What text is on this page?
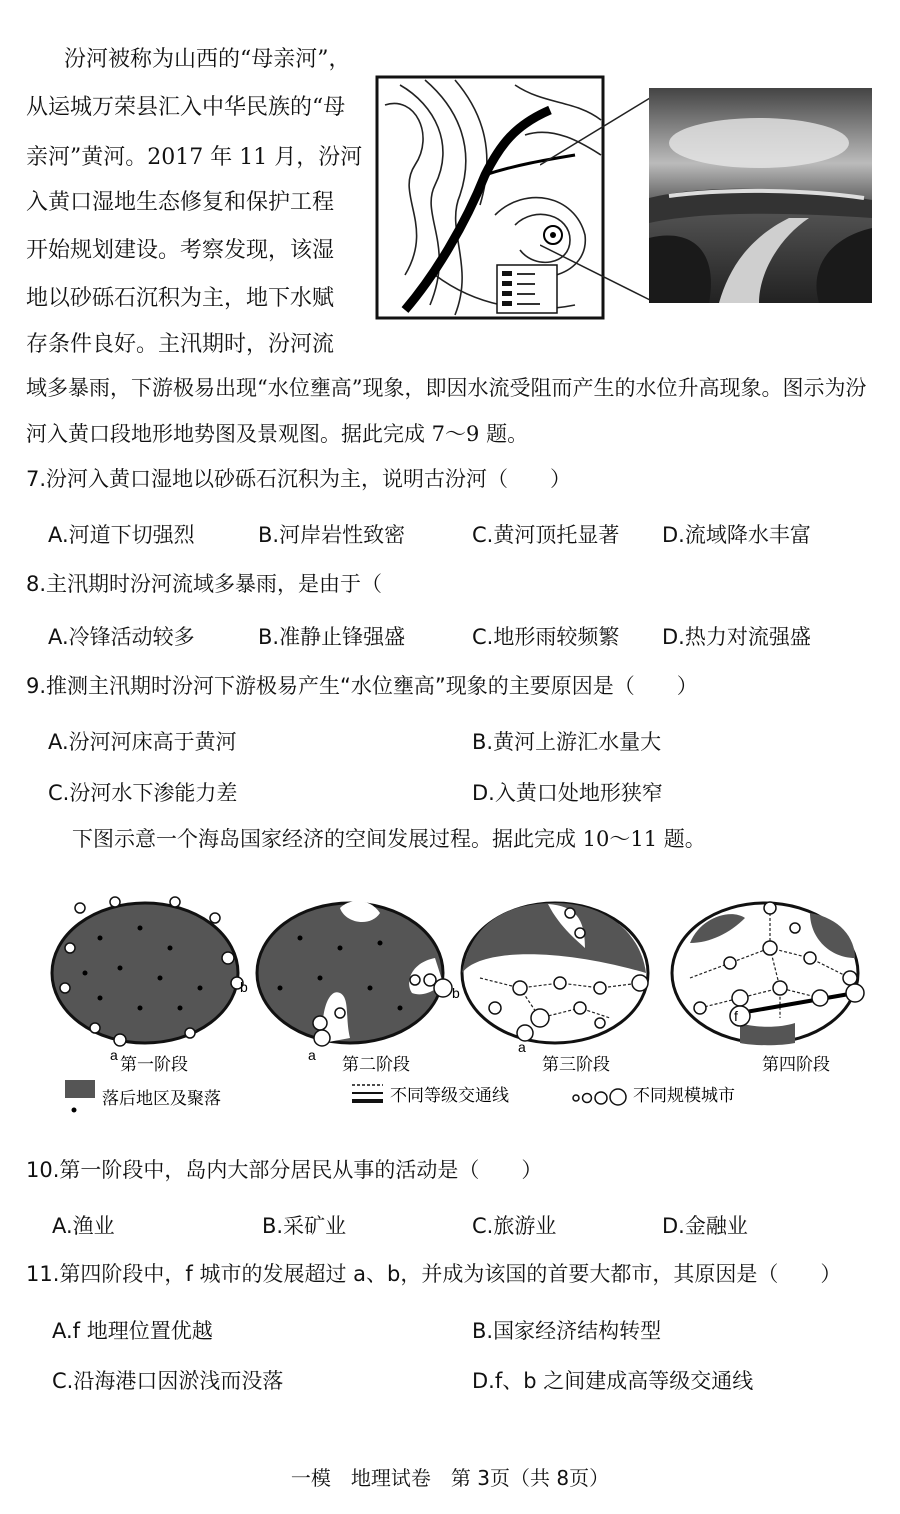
汾河被称为山西的“母亲河”，
从运城万荣县汇入中华民族的“母
亲河”黄河。2017 年 11 月，汾河
入黄口湿地生态修复和保护工程
开始规划建设。考察发现，该湿
地以砂砾石沉积为主，地下水赋
存条件良好。主汛期时，汾河流
域多暴雨，下游极易出现“水位壅高”现象，即因水流受阻而产生的水位升高现象。图示为汾
河入黄口段地形地势图及景观图。据此完成 7～9 题。
7.汾河入黄口湿地以砂砾石沉积为主，说明古汾河（　　）
A.河道下切强烈	B.河岸岩性致密	C.黄河顶托显著 D.流域降水丰富
8.主汛期时汾河流域多暴雨，是由于（
A.冷锋活动较多	B.准静止锋强盛	C.地形雨较频繁 D.热力对流强盛
9.推测主汛期时汾河下游极易产生“水位壅高”现象的主要原因是（　　）
A.汾河河床高于黄河	B.黄河上游汇水量大
C.汾河水下渗能力差	D.入黄口处地形狭窄
下图示意一个海岛国家经济的空间发展过程。据此完成 10～11 题。
a
b
a
b
a
f
第一阶段	第二阶段	第三阶段	第四阶段
落后地区及聚落	不同等级交通线	不同规模城市
10.第一阶段中，岛内大部分居民从事的活动是（　　）
A.渔业	B.采矿业	C.旅游业	D.金融业
11.第四阶段中，f 城市的发展超过 a、b，并成为该国的首要大都市，其原因是（　　）
A.f 地理位置优越	B.国家经济结构转型
C.沿海港口因淤浅而没落	D.f、b 之间建成高等级交通线
一模　地理试卷　第 3页（共 8页）
